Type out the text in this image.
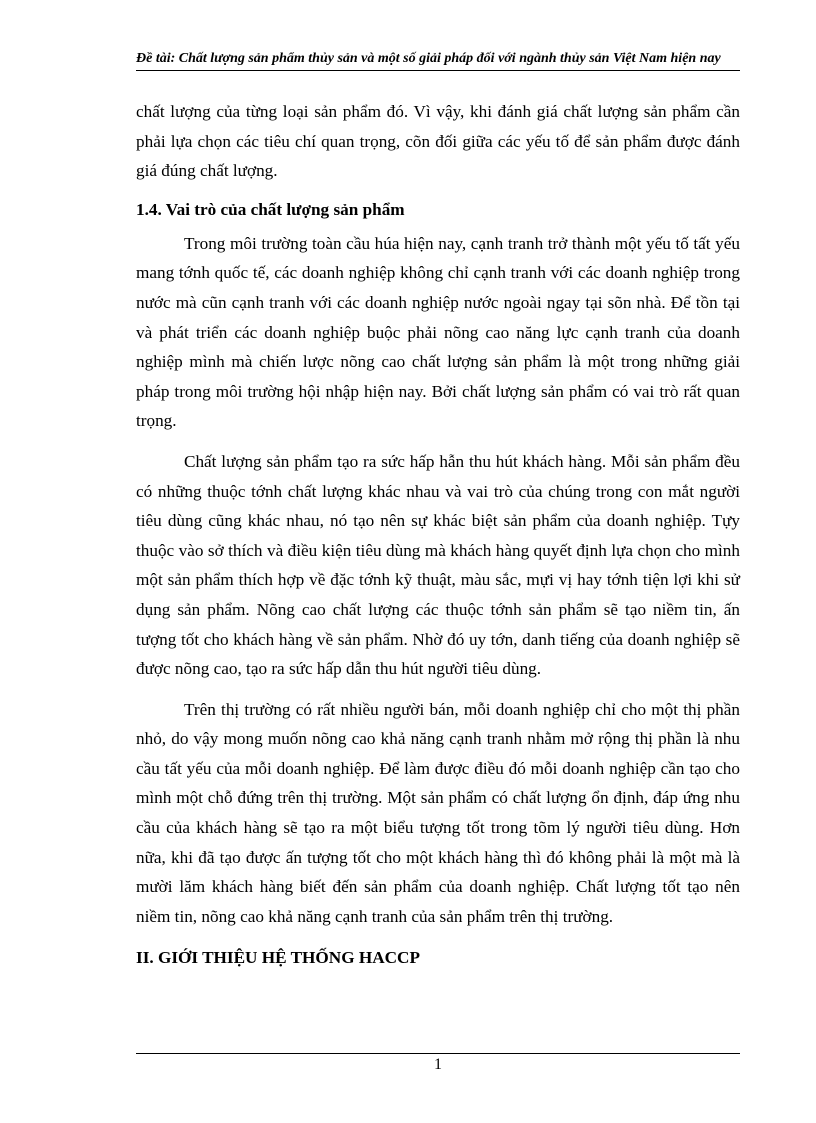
Đề tài: Chất lượng sản phẩm thủy sản và một số giải pháp đối với ngành thủy sản Việt Nam hiện nay

chất lượng của từng loại sản phẩm đó. Vì vậy, khi đánh giá chất lượng sản phẩm cần phải lựa chọn các tiêu chí quan trọng, cõn đối giữa các yếu tố để sản phẩm được đánh giá đúng chất lượng.

1.4. Vai trò của chất lượng sản phẩm

Trong môi trường toàn cầu húa hiện nay, cạnh tranh trở thành một yếu tố tất yếu mang tớnh quốc tế, các doanh nghiệp không chỉ cạnh tranh với các doanh nghiệp trong nước mà cũn cạnh tranh với các doanh nghiệp nước ngoài ngay tại sõn nhà. Để tồn tại và phát triển các doanh nghiệp buộc phải nõng cao năng lực cạnh tranh của doanh nghiệp mình mà chiến lược nõng cao chất lượng sản phẩm là một trong những giải pháp trong môi trường hội nhập hiện nay. Bởi chất lượng sản phẩm có vai trò rất quan trọng.

Chất lượng sản phẩm tạo ra sức hấp hẫn thu hút khách hàng. Mỗi sản phẩm đều có những thuộc tớnh chất lượng khác nhau và vai trò của chúng trong con mắt người tiêu dùng cũng khác nhau, nó tạo nên sự khác biệt sản phẩm của doanh nghiệp. Tựy thuộc vào sở thích và điều kiện tiêu dùng mà khách hàng quyết định lựa chọn cho mình một sản phẩm thích hợp về đặc tớnh kỹ thuật, màu sắc, mựi vị hay tớnh tiện lợi khi sử dụng sản phẩm. Nõng cao chất lượng các thuộc tớnh sản phẩm sẽ tạo niềm tin, ấn tượng tốt cho khách hàng về sản phẩm. Nhờ đó uy tớn, danh tiếng của doanh nghiệp sẽ được nõng cao, tạo ra sức hấp dẫn thu hút người tiêu dùng.

Trên thị trường có rất nhiều người bán, mỗi doanh nghiệp chỉ cho một thị phần nhỏ, do vậy mong muốn nõng cao khả năng cạnh tranh nhằm mở rộng thị phần là nhu cầu tất yếu của mỗi doanh nghiệp. Để làm được điều đó mỗi doanh nghiệp cần tạo cho mình một chỗ đứng trên thị trường. Một sản phẩm có chất lượng ổn định, đáp ứng nhu cầu của khách hàng sẽ tạo ra một biểu tượng tốt trong tõm lý người tiêu dùng. Hơn nữa, khi đã tạo được ấn tượng tốt cho một khách hàng thì đó không phải là một mà là mười lăm khách hàng biết đến sản phẩm của doanh nghiệp. Chất lượng tốt tạo nên niềm tin, nõng cao khả năng cạnh tranh của sản phẩm trên thị trường.

II. GIỚI THIỆU HỆ THỐNG HACCP
1
